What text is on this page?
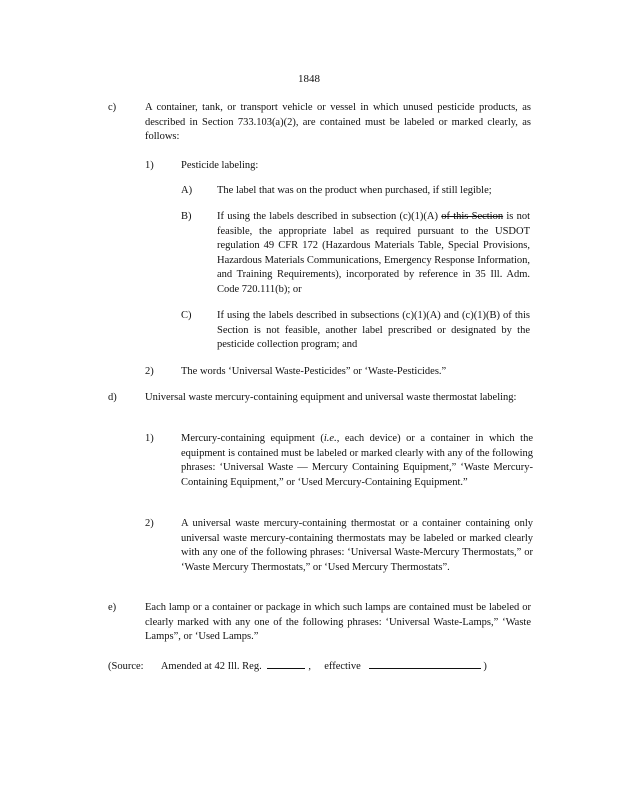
1848
c)	A container, tank, or transport vehicle or vessel in which unused pesticide products, as described in Section 733.103(a)(2), are contained must be labeled or marked clearly, as follows:
1)	Pesticide labeling:
A) The label that was on the product when purchased, if still legible;
B) If using the labels described in subsection (c)(1)(A) of this Section is not feasible, the appropriate label as required pursuant to the USDOT regulation 49 CFR 172 (Hazardous Materials Table, Special Provisions, Hazardous Materials Communications, Emergency Response Information, and Training Requirements), incorporated by reference in 35 Ill. Adm. Code 720.111(b); or
C) If using the labels described in subsections (c)(1)(A) and (c)(1)(B) of this Section is not feasible, another label prescribed or designated by the pesticide collection program; and
2)	The words ‘Universal Waste-Pesticides” or ‘Waste-Pesticides.”
d)	Universal waste mercury-containing equipment and universal waste thermostat labeling:
1)	Mercury-containing equipment (i.e., each device) or a container in which the equipment is contained must be labeled or marked clearly with any of the following phrases: ‘Universal Waste — Mercury Containing Equipment,” ‘Waste Mercury-Containing Equipment,” or ‘Used Mercury-Containing Equipment.”
2)	A universal waste mercury-containing thermostat or a container containing only universal waste mercury-containing thermostats may be labeled or marked clearly with any one of the following phrases: ‘Universal Waste-Mercury Thermostats,” or ‘Waste Mercury Thermostats,” or ‘Used Mercury Thermostats”.
e)	Each lamp or a container or package in which such lamps are contained must be labeled or clearly marked with any one of the following phrases: ‘Universal Waste-Lamps,” ‘Waste Lamps”, or ‘Used Lamps.”
(Source: Amended at 42 Ill. Reg.	, effective	)
